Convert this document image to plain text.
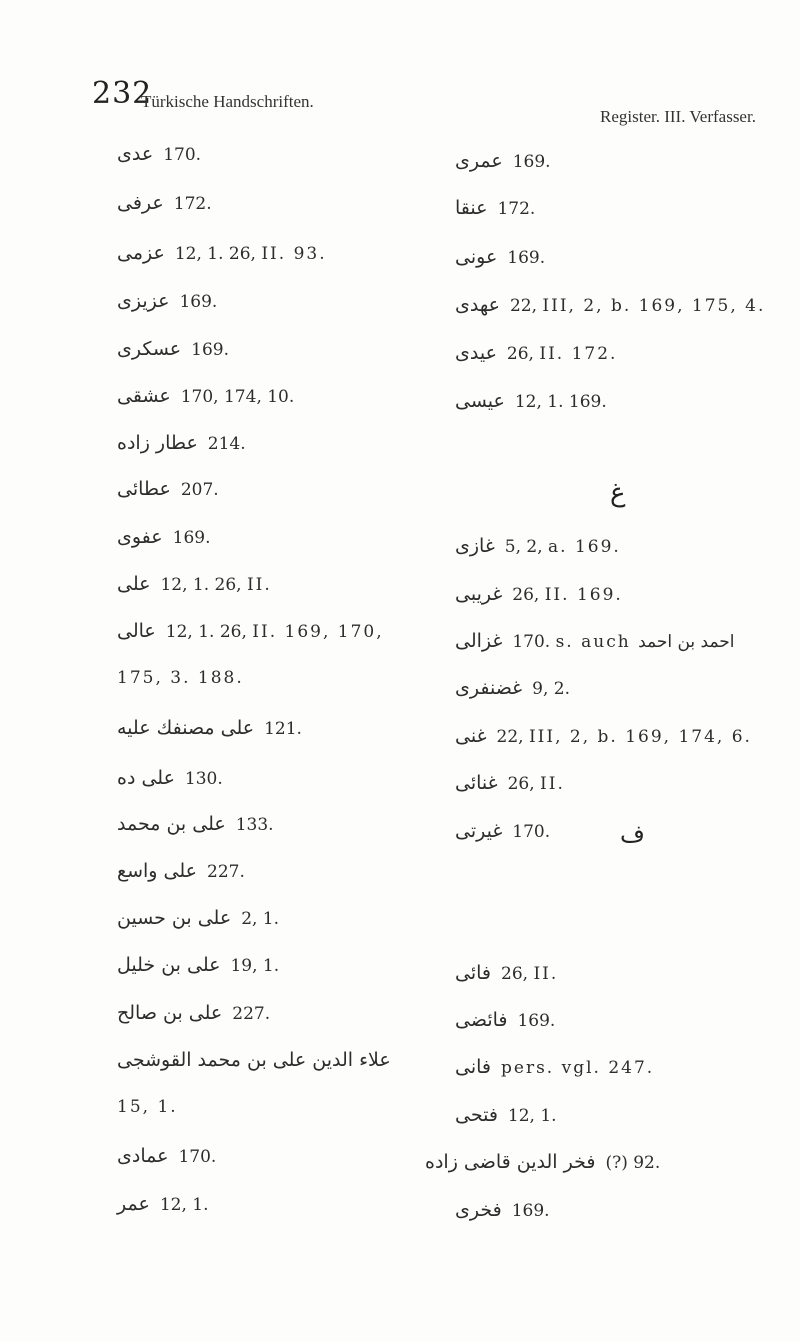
232
Türkische Handschriften.
Register. III. Verfasser.
عدى 170.
عرفى 172.
عزمى 12, 1. 26, II. 93.
عزيزى 169.
عسكرى 169.
عشقى 170, 174, 10.
عطار زاده 214.
عطائى 207.
عفوى 169.
على 12, 1. 26, II.
عالى 12, 1. 26, II. 169, 170,
175, 3. 188.
على مصنفك عليه 121.
على ده 130.
على بن محمد 133.
على واسع 227.
على بن حسين 2, 1.
على بن خليل 19, 1.
على بن صالح 227.
علاء الدين على بن محمد القوشجى
15, 1.
عمادى 170.
عمر 12, 1.
عمرى 169.
عنقا 172.
عونى 169.
عهدى 22, III, 2, b. 169, 175, 4.
عيدى 26, II. 172.
عيسى 12, 1. 169.
غ
غازى 5, 2, a. 169.
غريبى 26, II. 169.
غزالى 170. s. auch احمد بن احمد
غضنفرى 9, 2.
غنى 22, III, 2, b. 169, 174, 6.
غنائى 26, II.
غيرتى 170.	ف
فائى 26, II.
فائضى 169.
فانى pers. vgl. 247.
فتحى 12, 1.
فخر الدين قاضى زاده (?) 92.
فخرى 169.
